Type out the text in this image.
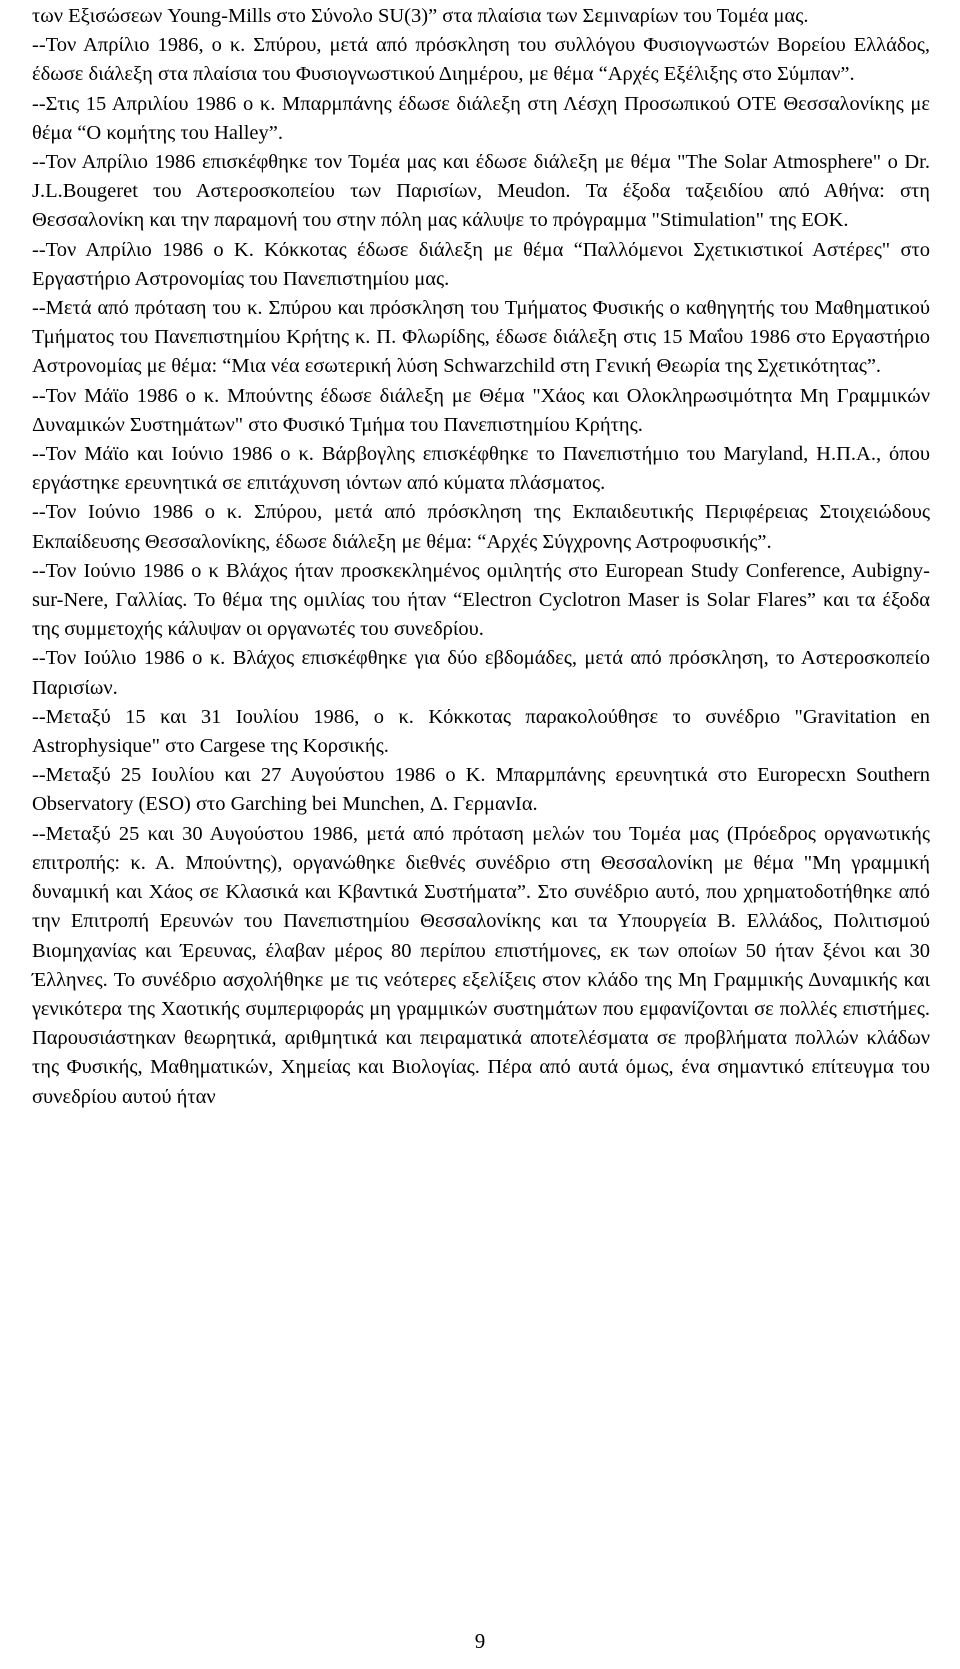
των Εξισώσεων Young-Mills στο Σύνολο SU(3)” στα πλαίσια των Σεμιναρίων του Τομέα μας.

--Τον Απρίλιο 1986, ο κ. Σπύρου, μετά από πρόσκληση του συλλόγου Φυσιογνωστών Βορείου Ελλάδος, έδωσε διάλεξη στα πλαίσια του Φυσιογνωστικού Διημέρου, με θέμα “Αρχές Εξέλιξης στο Σύμπαν”.

--Στις 15 Απριλίου 1986 ο κ. Μπαρμπάνης έδωσε διάλεξη στη Λέσχη Προσωπικού ΟΤΕ Θεσσαλονίκης με θέμα “Ο κομήτης του Halley”.

--Τον Απρίλιο 1986 επισκέφθηκε τον Τομέα μας και έδωσε διάλεξη με θέμα "The Solar Atmosphere" ο Dr. J.L.Bougeret του Αστεροσκοπείου των Παρισίων, Meudon. Τα έξοδα ταξειδίου από Αθήνα: στη Θεσσαλονίκη και την παραμονή του στην πόλη μας κάλυψε το πρόγραμμα "Stimulation" της ΕΟΚ.

--Τον Απρίλιο 1986 ο Κ. Κόκκοτας έδωσε διάλεξη με θέμα “Παλλόμενοι Σχετικιστικοί Αστέρες" στο Εργαστήριο Αστρονομίας του Πανεπιστημίου μας.

--Μετά από πρόταση του κ. Σπύρου και πρόσκληση του Τμήματος Φυσικής ο καθηγητής του Μαθηματικού Τμήματος του Πανεπιστημίου Κρήτης κ. Π. Φλωρίδης, έδωσε διάλεξη στις 15 Μαΐου 1986 στο Εργαστήριο Αστρονομίας με θέμα: “Μια νέα εσωτερική λύση Schwarzchild στη Γενική Θεωρία της Σχετικότητας”.

--Τον Μάϊο 1986 ο κ. Μπούντης έδωσε διάλεξη με Θέμα "Χάος και Ολοκληρωσιμότητα Μη Γραμμικών Δυναμικών Συστημάτων" στο Φυσικό Τμήμα του Πανεπιστημίου Κρήτης.

--Τον Μάϊο και Ιούνιο 1986 ο κ. Βάρβογλης επισκέφθηκε το Πανεπιστήμιο του Maryland, Η.Π.Α., όπου εργάστηκε ερευνητικά σε επιτάχυνση ιόντων από κύματα πλάσματος.

--Τον Ιούνιο 1986 ο κ. Σπύρου, μετά από πρόσκληση της Εκπαιδευτικής Περιφέρειας Στοιχειώδους Εκπαίδευσης Θεσσαλονίκης, έδωσε διάλεξη με θέμα: “Αρχές Σύγχρονης Αστροφυσικής”.

--Τον Ιούνιο 1986 ο κ Βλάχος ήταν προσκεκλημένος ομιλητής στο European Study Conference, Aubigny-sur-Nere, Γαλλίας. Το θέμα της ομιλίας του ήταν “Electron Cyclotron Maser is Solar Flares” και τα έξοδα της συμμετοχής κάλυψαν οι οργανωτές του συνεδρίου.

--Τον Ιούλιο 1986 ο κ. Βλάχος επισκέφθηκε για δύο εβδομάδες, μετά από πρόσκληση, το Αστεροσκοπείο Παρισίων.

--Μεταξύ 15 και 31 Ιουλίου 1986, ο κ. Κόκκοτας παρακολούθησε το συνέδριο "Gravitation en Astrophysique" στο Cargese της Κορσικής.

--Μεταξύ 25 Ιουλίου και 27 Αυγούστου 1986 ο Κ. Μπαρμπάνης ερευνητικά στο Europecxn Southern Observatory (ESO) στο Garching bei Munchen, Δ. ΓερμανΙα.

--Μεταξύ 25 και 30 Αυγούστου 1986, μετά από πρόταση μελών του Τομέα μας (Πρόεδρος οργανωτικής επιτροπής: κ. Α. Μπούντης), οργανώθηκε διεθνές συνέδριο στη Θεσσαλονίκη με θέμα "Μη γραμμική δυναμική και Χάος σε Κλασικά και Κβαντικά Συστήματα”. Στο συνέδριο αυτό, που χρηματοδοτήθηκε από την Επιτροπή Ερευνών του Πανεπιστημίου Θεσσαλονίκης και τα Υπουργεία Β. Ελλάδος, Πολιτισμού Βιομηχανίας και Έρευνας, έλαβαν μέρος 80 περίπου επιστήμονες, εκ των οποίων 50 ήταν ξένοι και 30 Έλληνες. Το συνέδριο ασχολήθηκε με τις νεότερες εξελίξεις στον κλάδο της Μη Γραμμικής Δυναμικής και γενικότερα της Χαοτικής συμπεριφοράς μη γραμμικών συστημάτων που εμφανίζονται σε πολλές επιστήμες. Παρουσιάστηκαν θεωρητικά, αριθμητικά και πειραματικά αποτελέσματα σε προβλήματα πολλών κλάδων της Φυσικής, Μαθηματικών, Χημείας και Βιολογίας. Πέρα από αυτά όμως, ένα σημαντικό επίτευγμα του συνεδρίου αυτού ήταν

9
